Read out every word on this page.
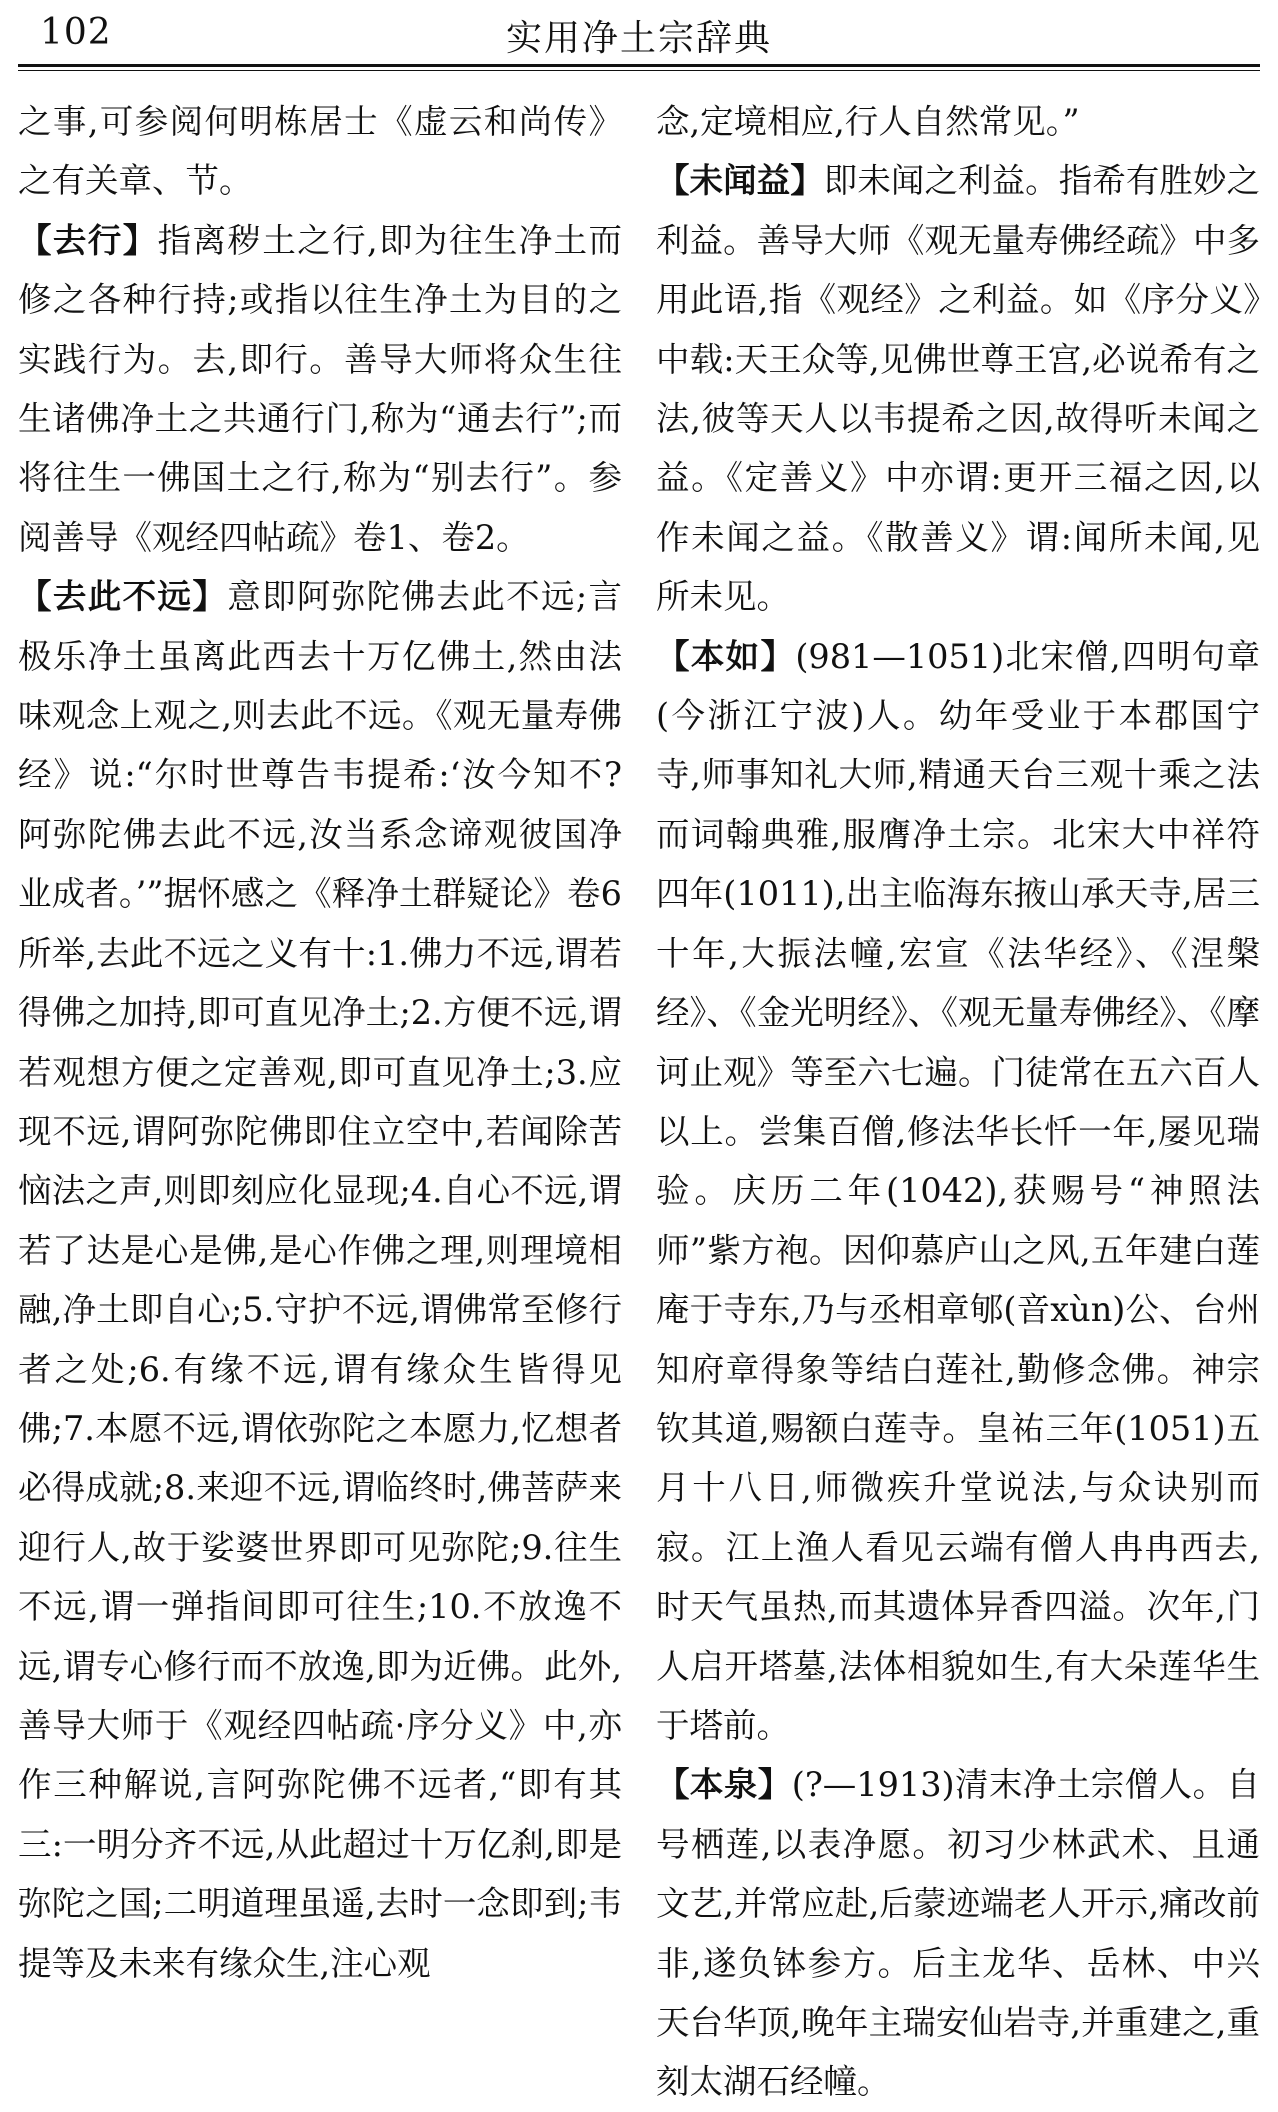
102	实用净土宗辞典

之事,可参阅何明栋居士《虚云和尚传》之有关章、节。

【去行】指离秽土之行,即为往生净土而修之各种行持;或指以往生净土为目的之实践行为。去,即行。善导大师将众生往生诸佛净土之共通行门,称为“通去行”;而将往生一佛国土之行,称为“别去行”。参阅善导《观经四帖疏》卷1、卷2。

【去此不远】意即阿弥陀佛去此不远;言极乐净土虽离此西去十万亿佛土,然由法味观念上观之,则去此不远。《观无量寿佛经》说:“尔时世尊告韦提希:‘汝今知不?阿弥陀佛去此不远,汝当系念谛观彼国净业成者。’”据怀感之《释净土群疑论》卷6所举,去此不远之义有十:1.佛力不远,谓若得佛之加持,即可直见净土;2.方便不远,谓若观想方便之定善观,即可直见净土;3.应现不远,谓阿弥陀佛即住立空中,若闻除苦恼法之声,则即刻应化显现;4.自心不远,谓若了达是心是佛,是心作佛之理,则理境相融,净土即自心;5.守护不远,谓佛常至修行者之处;6.有缘不远,谓有缘众生皆得见佛;7.本愿不远,谓依弥陀之本愿力,忆想者必得成就;8.来迎不远,谓临终时,佛菩萨来迎行人,故于娑婆世界即可见弥陀;9.往生不远,谓一弹指间即可往生;10.不放逸不远,谓专心修行而不放逸,即为近佛。此外,善导大师于《观经四帖疏·序分义》中,亦作三种解说,言阿弥陀佛不远者,“即有其三:一明分齐不远,从此超过十万亿刹,即是弥陀之国;二明道理虽遥,去时一念即到;韦提等及未来有缘众生,注心观

念,定境相应,行人自然常见。”

【未闻益】即未闻之利益。指希有胜妙之利益。善导大师《观无量寿佛经疏》中多用此语,指《观经》之利益。如《序分义》中载:天王众等,见佛世尊王宫,必说希有之法,彼等天人以韦提希之因,故得听未闻之益。《定善义》中亦谓:更开三福之因,以作未闻之益。《散善义》谓:闻所未闻,见所未见。

【本如】(981—1051)北宋僧,四明句章(今浙江宁波)人。幼年受业于本郡国宁寺,师事知礼大师,精通天台三观十乘之法而词翰典雅,服膺净土宗。北宋大中祥符四年(1011),出主临海东掖山承天寺,居三十年,大振法幢,宏宣《法华经》、《涅槃经》、《金光明经》、《观无量寿佛经》、《摩诃止观》等至六七遍。门徒常在五六百人以上。尝集百僧,修法华长忏一年,屡见瑞验。庆历二年(1042),获赐号“神照法师”紫方袍。因仰慕庐山之风,五年建白莲庵于寺东,乃与丞相章郇(音xùn)公、台州知府章得象等结白莲社,勤修念佛。神宗钦其道,赐额白莲寺。皇祐三年(1051)五月十八日,师微疾升堂说法,与众诀别而寂。江上渔人看见云端有僧人冉冉西去,时天气虽热,而其遗体异香四溢。次年,门人启开塔墓,法体相貌如生,有大朵莲华生于塔前。

【本泉】(?—1913)清末净土宗僧人。自号栖莲,以表净愿。初习少林武术、且通文艺,并常应赴,后蒙迹端老人开示,痛改前非,遂负钵参方。后主龙华、岳林、中兴天台华顶,晚年主瑞安仙岩寺,并重建之,重刻太湖石经幢。
